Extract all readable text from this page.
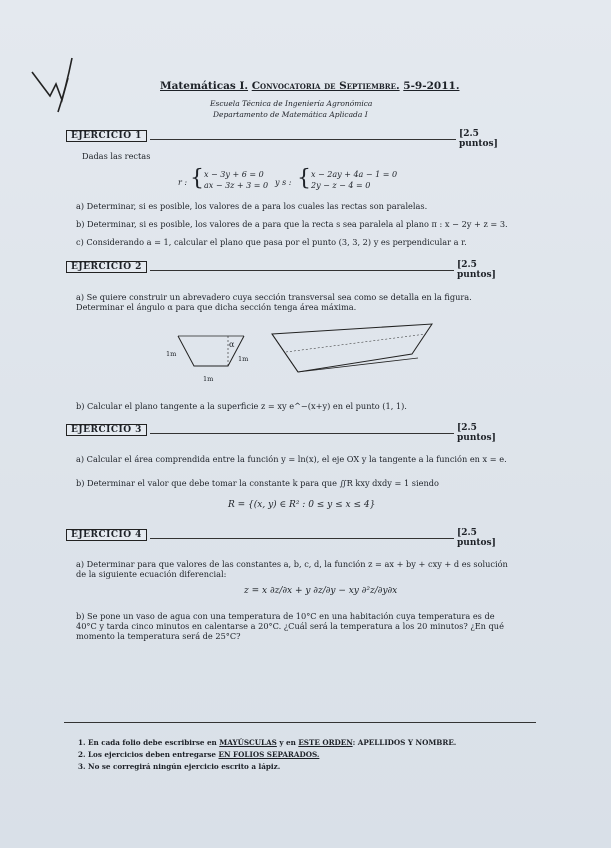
Matemáticas I. Convocatoria de Septiembre. 5-9-2011.
Escuela Técnica de Ingeniería Agronómica
Departamento de Matemática Aplicada I
EJERCICIO 1	[2.5 puntos]
Dadas las rectas
r : { x − 3y + 6 = 0
ax − 3z + 3 = 0 y s : { x − 2ay + 4a − 1 = 0
2y − z − 4 = 0
a) Determinar, si es posible, los valores de a para los cuales las rectas son paralelas.
b) Determinar, si es posible, los valores de a para que la recta s sea paralela al plano π : x − 2y + z = 3.
c) Considerando a = 1, calcular el plano que pasa por el punto (3, 3, 2) y es perpendicular a r.
EJERCICIO 2	[2.5 puntos]
a) Se quiere construir un abrevadero cuya sección transversal sea como se detalla en la figura. Determinar el ángulo α para que dicha sección tenga área máxima.
1m
1m
1m
α
b) Calcular el plano tangente a la superficie z = xy e^−(x+y) en el punto (1, 1).
EJERCICIO 3	[2.5 puntos]
a) Calcular el área comprendida entre la función y = ln(x), el eje OX y la tangente a la función en x = e.
b) Determinar el valor que debe tomar la constante k para que ∬R kxy dxdy = 1 siendo
R = {(x, y) ∈ R² : 0 ≤ y ≤ x ≤ 4}
EJERCICIO 4	[2.5 puntos]
a) Determinar para que valores de las constantes a, b, c, d, la función z = ax + by + cxy + d es solución de la siguiente ecuación diferencial:
z = x ∂z/∂x + y ∂z/∂y − xy ∂²z/∂y∂x
b) Se pone un vaso de agua con una temperatura de 10°C en una habitación cuya temperatura es de 40°C y tarda cinco minutos en calentarse a 20°C. ¿Cuál será la temperatura a los 20 minutos? ¿En qué momento la temperatura será de 25°C?
1. En cada folio debe escribirse en MAYÚSCULAS y en ESTE ORDEN: APELLIDOS Y NOMBRE.
2. Los ejercicios deben entregarse EN FOLIOS SEPARADOS.
3. No se corregirá ningún ejercicio escrito a lápiz.
